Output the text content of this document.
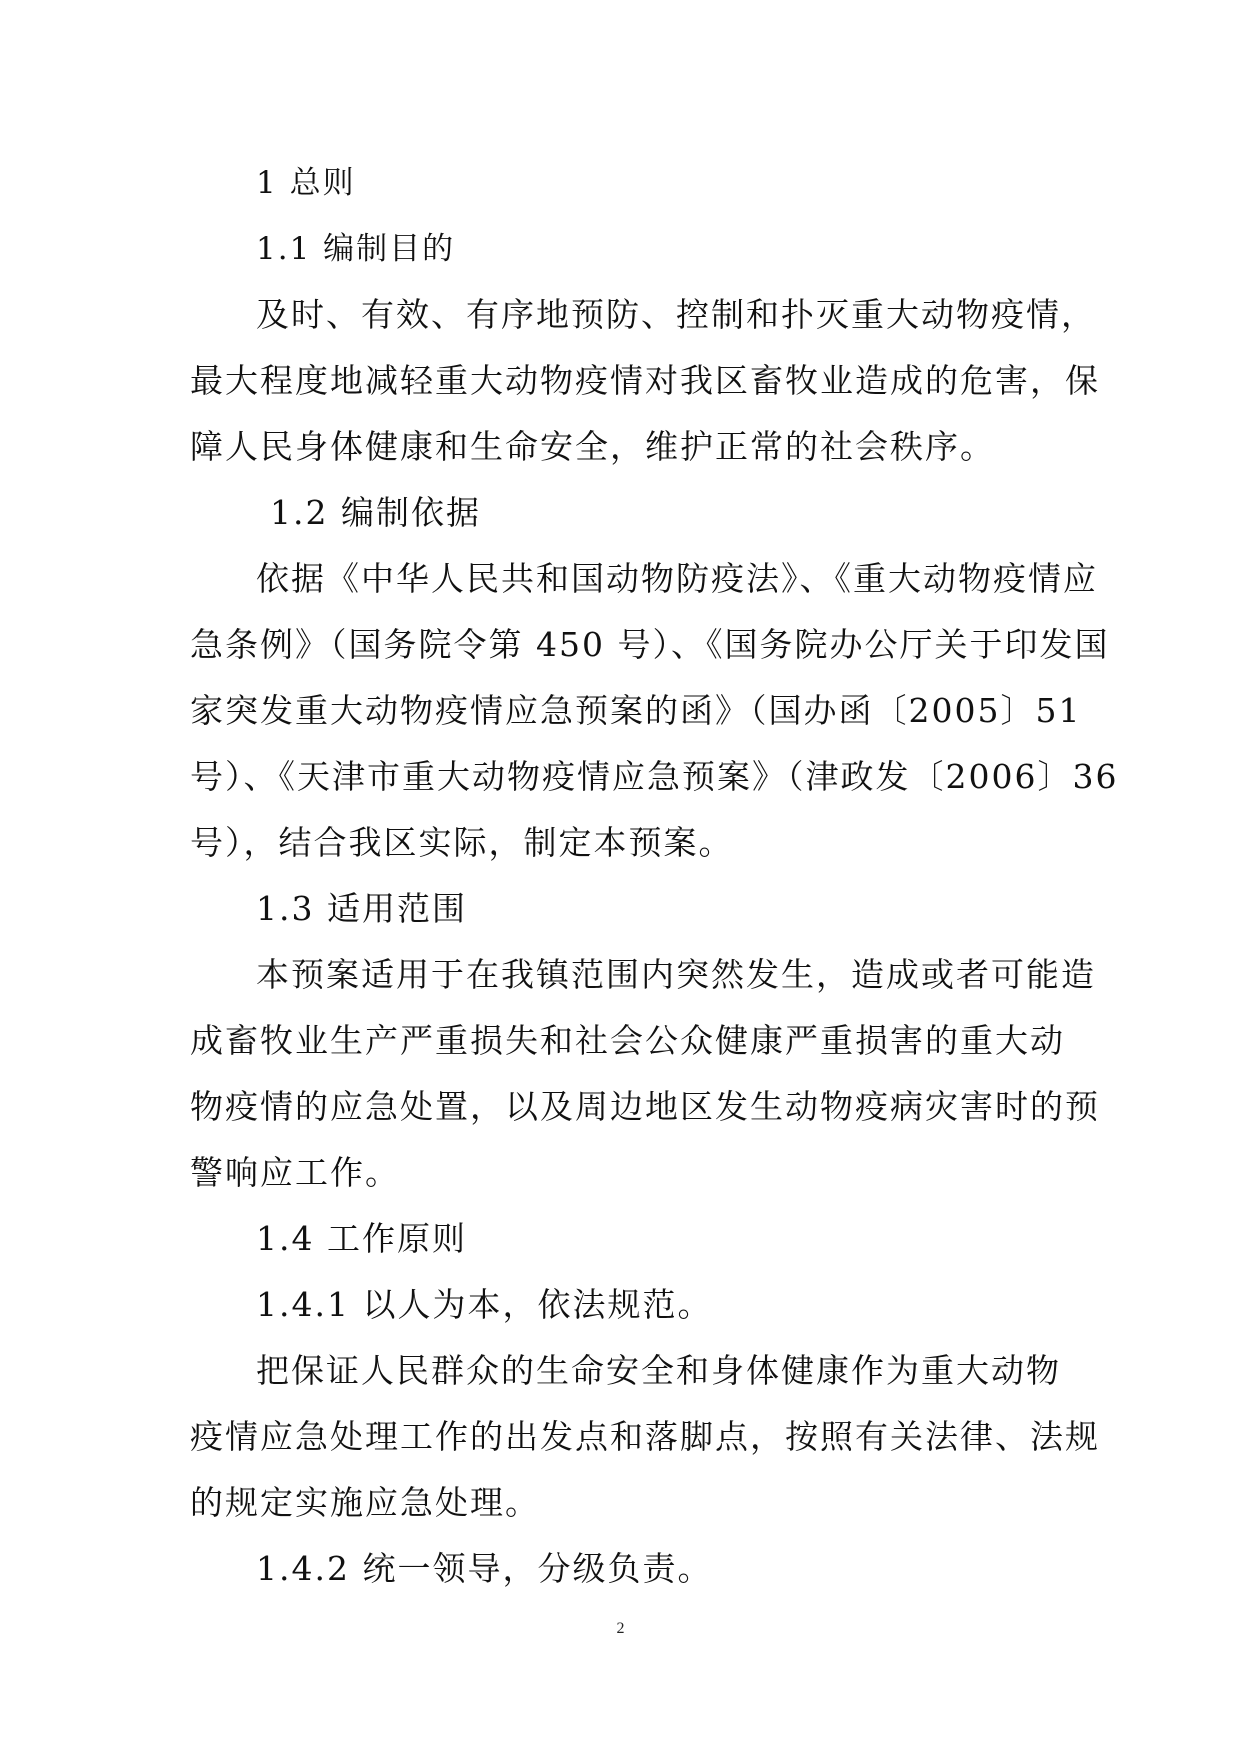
1 总则
1.1 编制目的
及时、有效、有序地预防、控制和扑灭重大动物疫情，
最大程度地减轻重大动物疫情对我区畜牧业造成的危害，保
障人民身体健康和生命安全，维护正常的社会秩序。
1.2 编制依据
依据《中华人民共和国动物防疫法》、《重大动物疫情应
急条例》（国务院令第 450 号）、《国务院办公厅关于印发国
家突发重大动物疫情应急预案的函》（国办函〔2005〕51
号）、《天津市重大动物疫情应急预案》（津政发〔2006〕36
号），结合我区实际，制定本预案。
1.3 适用范围
本预案适用于在我镇范围内突然发生，造成或者可能造
成畜牧业生产严重损失和社会公众健康严重损害的重大动
物疫情的应急处置，以及周边地区发生动物疫病灾害时的预
警响应工作。
1.4 工作原则
1.4.1 以人为本，依法规范。
把保证人民群众的生命安全和身体健康作为重大动物
疫情应急处理工作的出发点和落脚点，按照有关法律、法规
的规定实施应急处理。
1.4.2 统一领导，分级负责。
2
